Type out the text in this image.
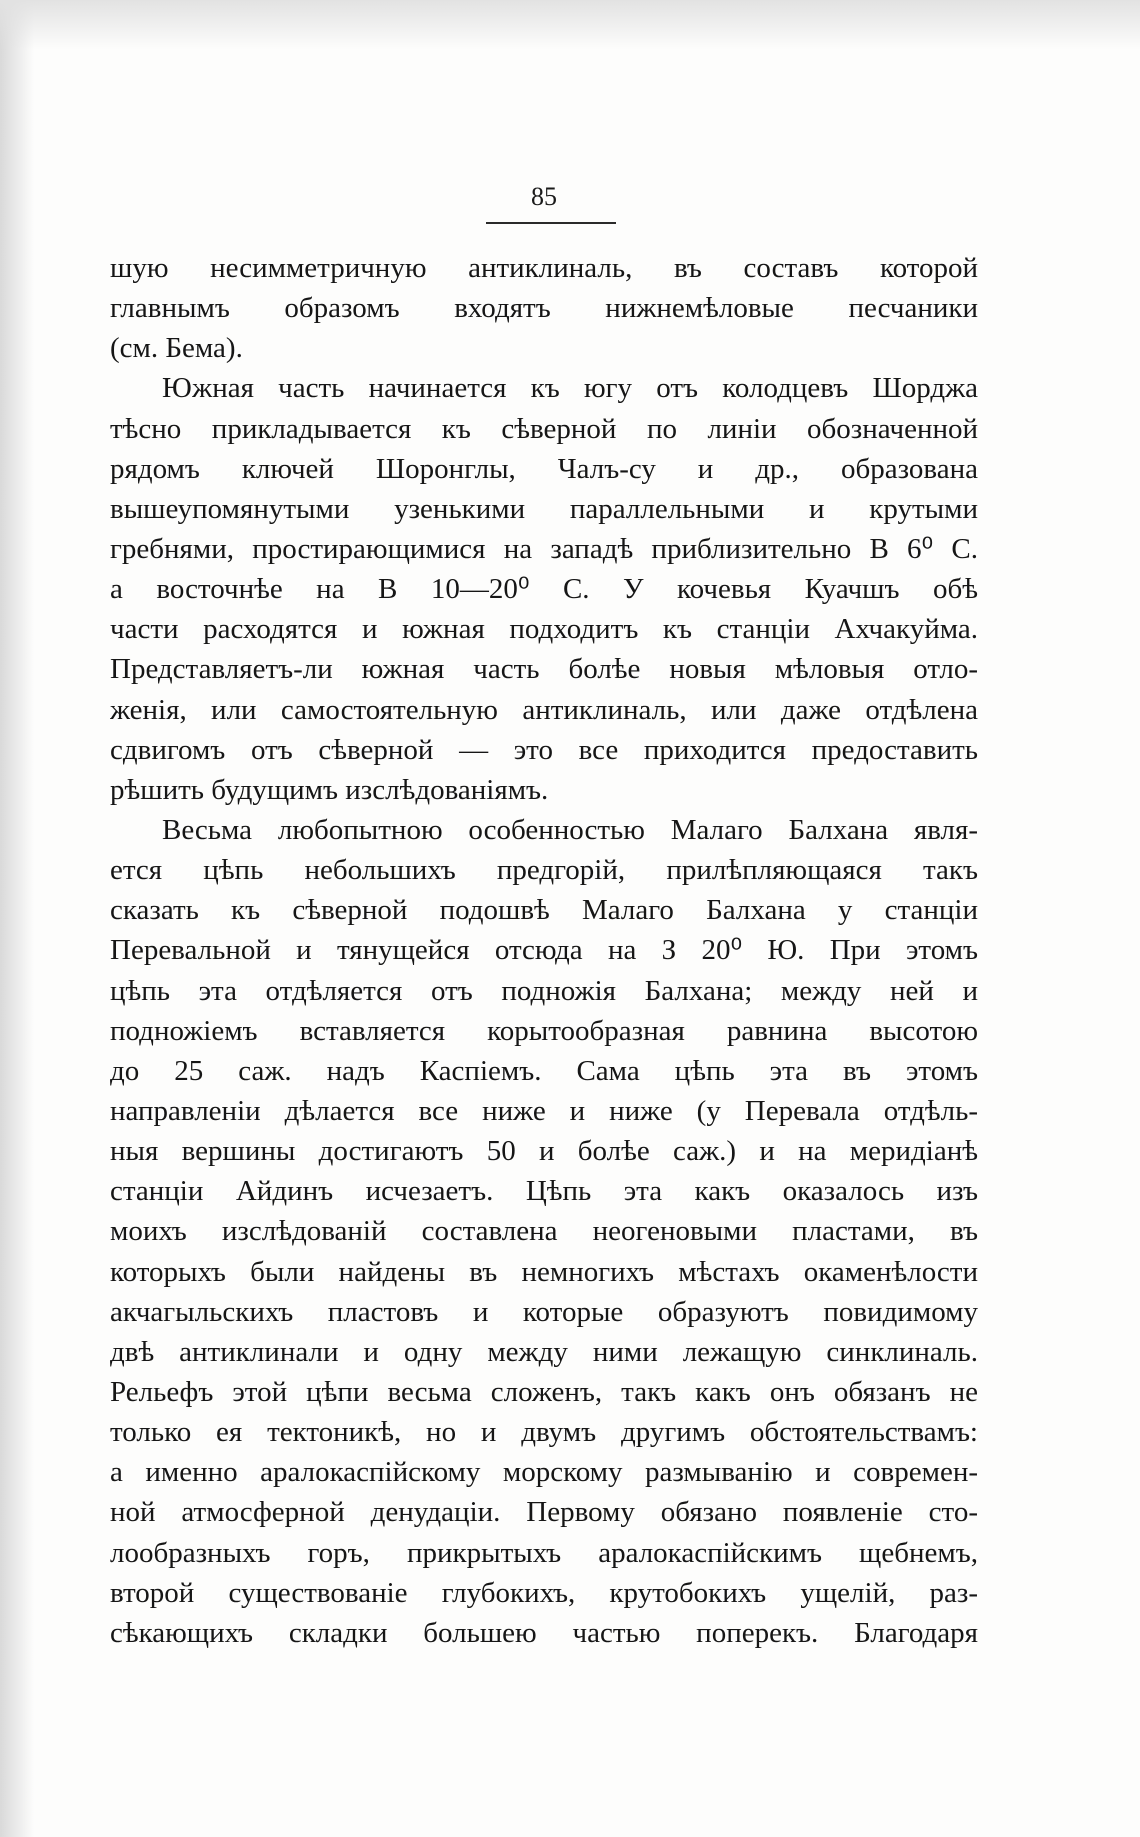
85
шую несимметричную антиклиналь, въ составъ которой
главнымъ образомъ входятъ нижнемѣловые песчаники
(см. Бема).
Южная часть начинается къ югу отъ колодцевъ Шорджа
тѣсно прикладывается къ сѣверной по линіи обозначенной
рядомъ ключей Шоронглы, Чалъ-су и др., образована
вышеупомянутыми узенькими параллельными и крутыми
гребнями, простирающимися на западѣ приблизительно В 6⁰ С.
а восточнѣе на В 10—20⁰ С. У кочевья Куачшъ обѣ
части расходятся и южная подходитъ къ станціи Ахчакуйма.
Представляетъ-ли южная часть болѣе новыя мѣловыя отло-
женія, или самостоятельную антиклиналь, или даже отдѣлена
сдвигомъ отъ сѣверной — это все приходится предоставить
рѣшить будущимъ изслѣдованіямъ.
Весьма любопытною особенностью Малаго Балхана явля-
ется цѣпь небольшихъ предгорій, прилѣпляющаяся такъ
сказать къ сѣверной подошвѣ Малаго Балхана у станціи
Перевальной и тянущейся отсюда на З 20⁰ Ю. При этомъ
цѣпь эта отдѣляется отъ подножія Балхана; между ней и
подножіемъ вставляется корытообразная равнина высотою
до 25 саж. надъ Каспіемъ. Сама цѣпь эта въ этомъ
направленіи дѣлается все ниже и ниже (у Перевала отдѣль-
ныя вершины достигаютъ 50 и болѣе саж.) и на меридіанѣ
станціи Айдинъ исчезаетъ. Цѣпь эта какъ оказалось изъ
моихъ изслѣдованій составлена неогеновыми пластами, въ
которыхъ были найдены въ немногихъ мѣстахъ окаменѣлости
акчагыльскихъ пластовъ и которые образуютъ повидимому
двѣ антиклинали и одну между ними лежащую синклиналь.
Рельефъ этой цѣпи весьма сложенъ, такъ какъ онъ обязанъ не
только ея тектоникѣ, но и двумъ другимъ обстоятельствамъ:
а именно аралокаспійскому морскому размыванію и современ-
ной атмосферной денудаціи. Первому обязано появленіе сто-
лообразныхъ горъ, прикрытыхъ аралокаспійскимъ щебнемъ,
второй существованіе глубокихъ, крутобокихъ ущелій, раз-
сѣкающихъ складки большею частью поперекъ. Благодаря
